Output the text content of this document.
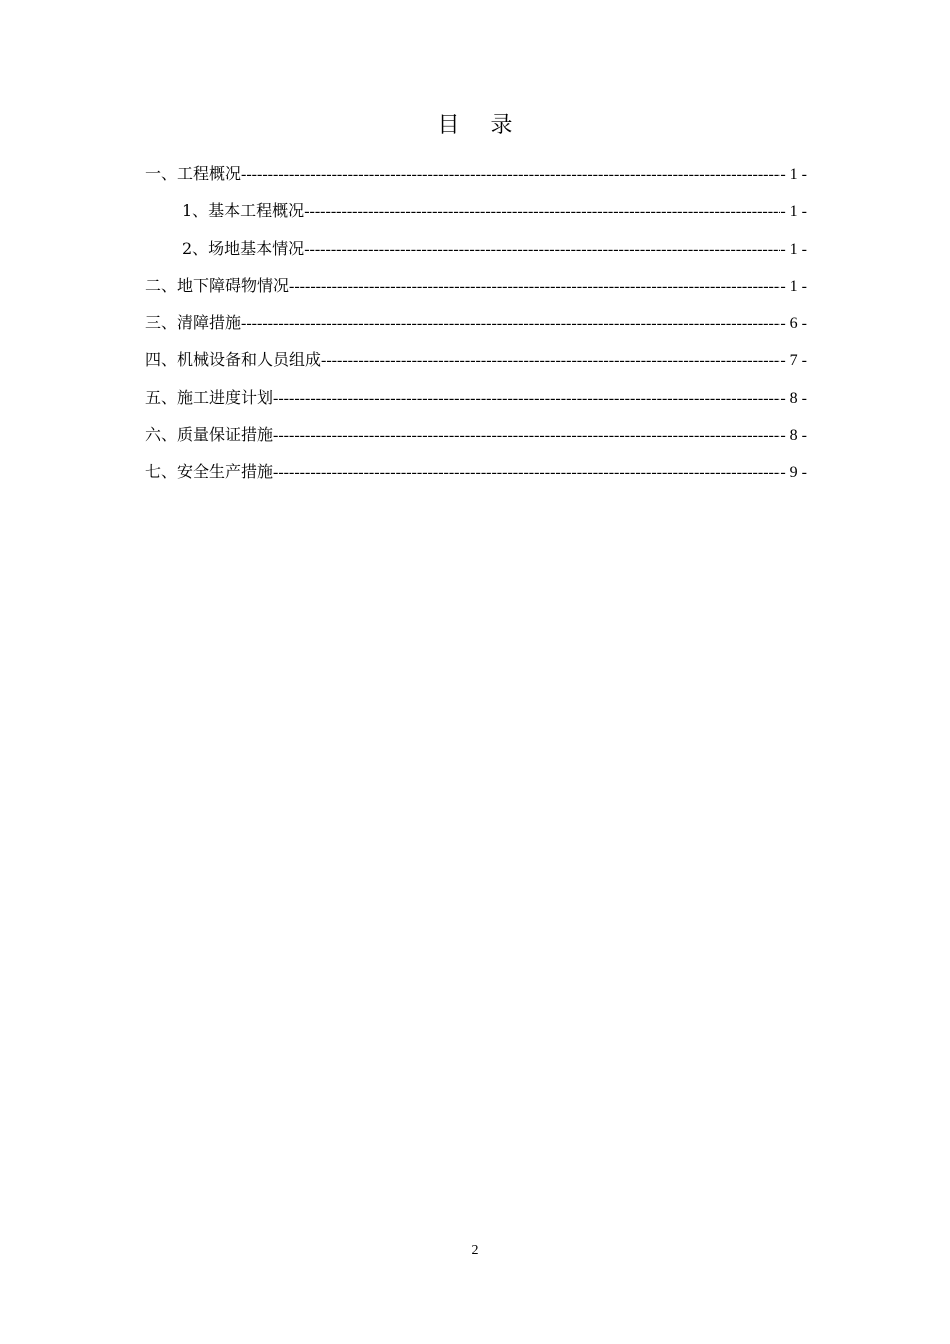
目 录
一、工程概况 -----	- 1 -
1、基本工程概况 -----	- 1 -
2、场地基本情况 -----	- 1 -
二、地下障碍物情况 -----	- 1 -
三、清障措施 -----	- 6 -
四、机械设备和人员组成 -----	- 7 -
五、施工进度计划 -----	- 8 -
六、质量保证措施 -----	- 8 -
七、安全生产措施 -----	- 9 -
2
